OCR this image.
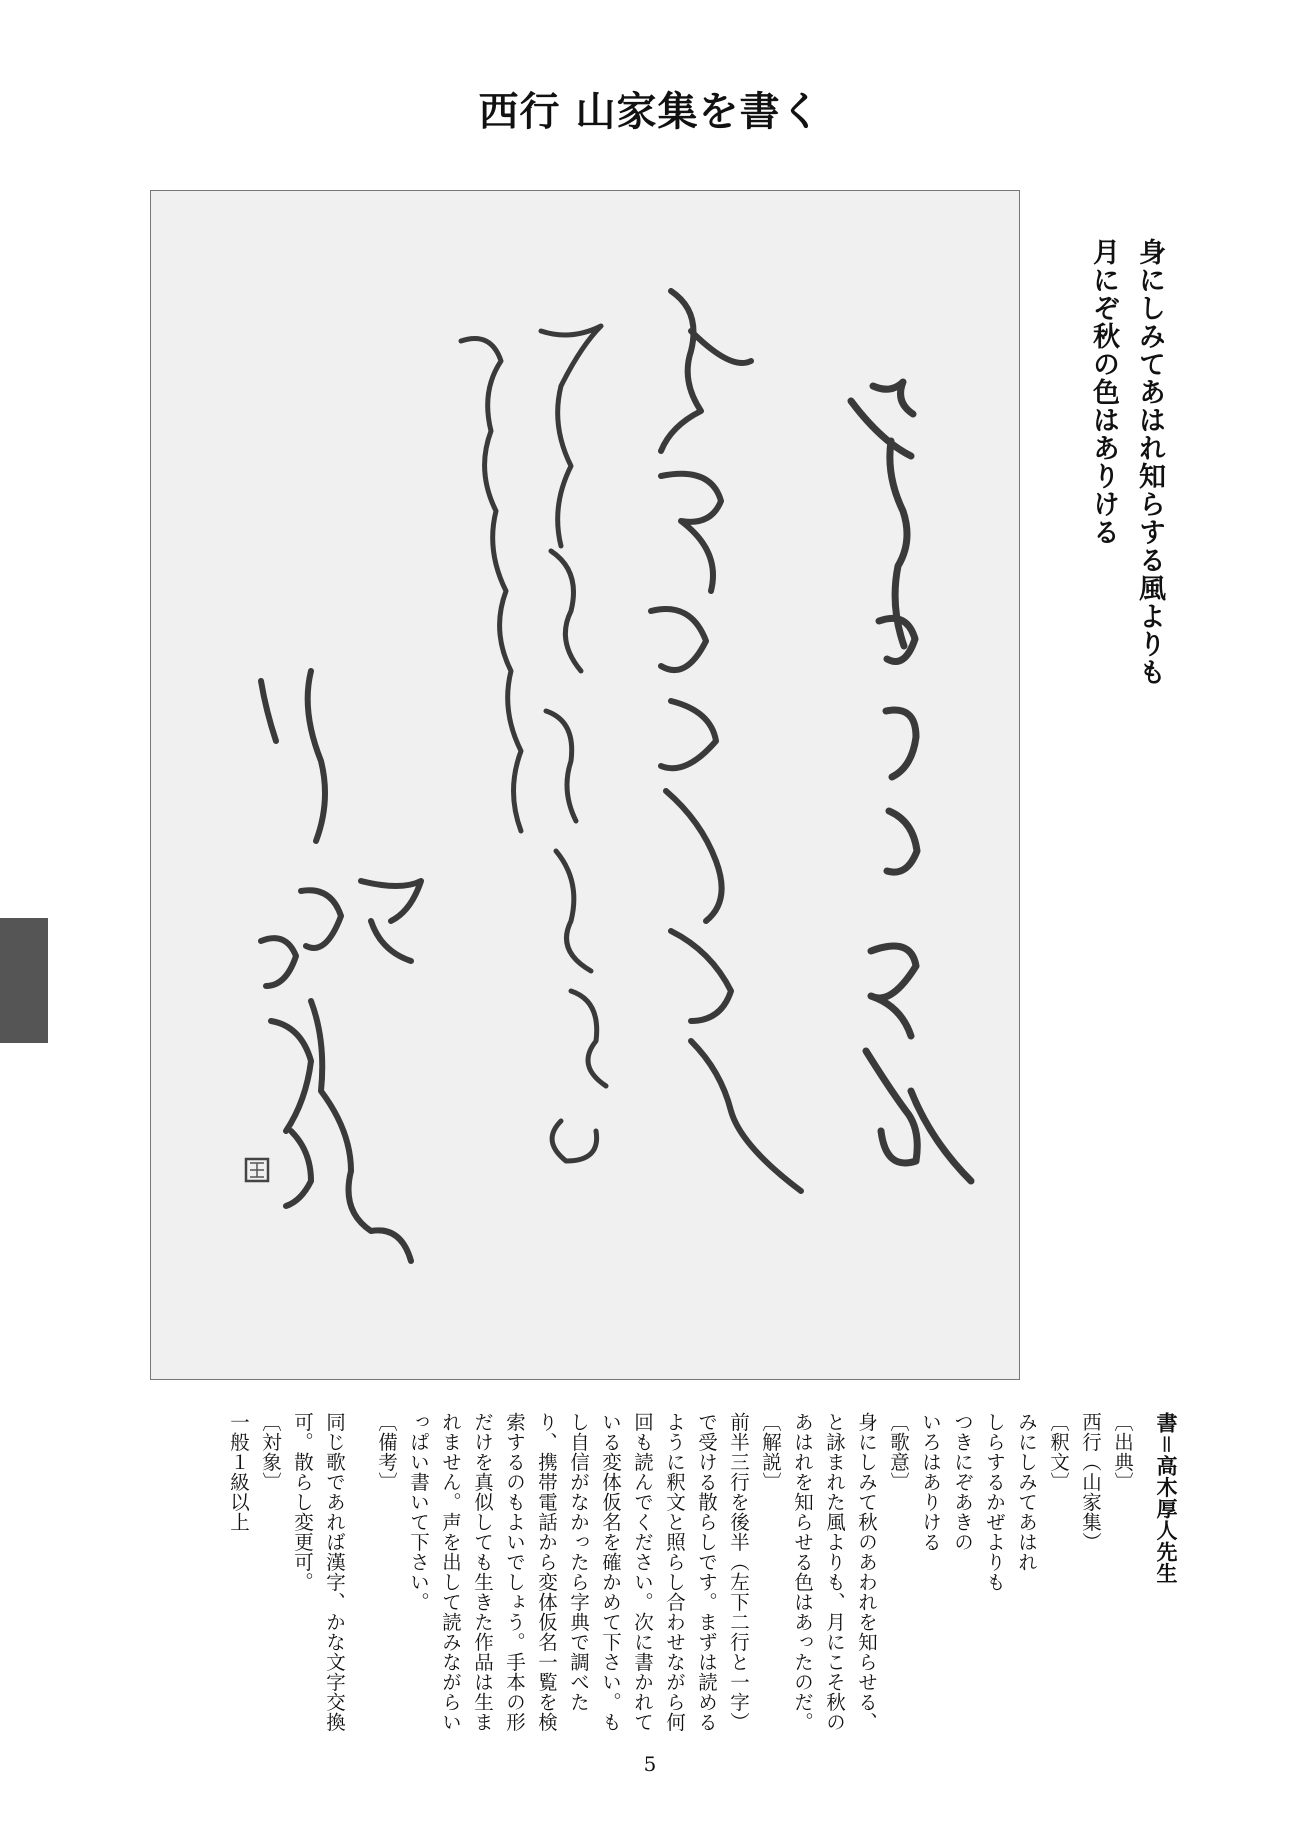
西行 山家集を書く
身にしみてあはれ知らする風よりも
月にぞ秋の色はありける

書＝高木厚人先生

〔出典〕

西行（山家集）

〔釈文〕

みにしみてあはれ

しらするかぜよりも

つきにぞあきの

いろはありける

〔歌意〕

身にしみて秋のあわれを知らせる、と詠まれた風よりも、月にこそ秋のあはれを知らせる色はあったのだ。

〔解説〕

前半三行を後半（左下二行と一字）で受ける散らしです。まずは読めるように釈文と照らし合わせながら何回も読んでください。次に書かれている変体仮名を確かめて下さい。もし自信がなかったら字典で調べたり、携帯電話から変体仮名一覧を検索するのもよいでしょう。手本の形だけを真似しても生きた作品は生まれません。声を出して読みながらいっぱい書いて下さい。

〔備考〕

同じ歌であれば漢字、かな文字交換可。散らし変更可。

〔対象〕

一般１級以上

5
